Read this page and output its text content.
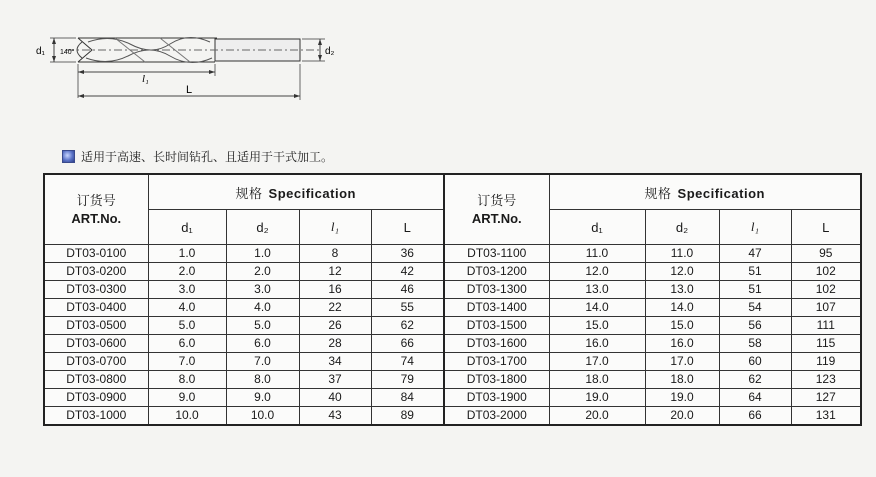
d₁ 140°	d₂
l₁
L
适用于高速、长时间钻孔、且适用于干式加工。
订货号
ART.No.	规格 Specification				订货号
ART.No.	规格 Specification			
	d₁	d₂	l₁	L		d₁	d₂	l₁	L
DT03-0100	1.0	1.0	8	36	DT03-1100	11.0	11.0	47	95
DT03-0200	2.0	2.0	12	42	DT03-1200	12.0	12.0	51	102
DT03-0300	3.0	3.0	16	46	DT03-1300	13.0	13.0	51	102
DT03-0400	4.0	4.0	22	55	DT03-1400	14.0	14.0	54	107
DT03-0500	5.0	5.0	26	62	DT03-1500	15.0	15.0	56	111
DT03-0600	6.0	6.0	28	66	DT03-1600	16.0	16.0	58	115
DT03-0700	7.0	7.0	34	74	DT03-1700	17.0	17.0	60	119
DT03-0800	8.0	8.0	37	79	DT03-1800	18.0	18.0	62	123
DT03-0900	9.0	9.0	40	84	DT03-1900	19.0	19.0	64	127
DT03-1000	10.0	10.0	43	89	DT03-2000	20.0	20.0	66	131
